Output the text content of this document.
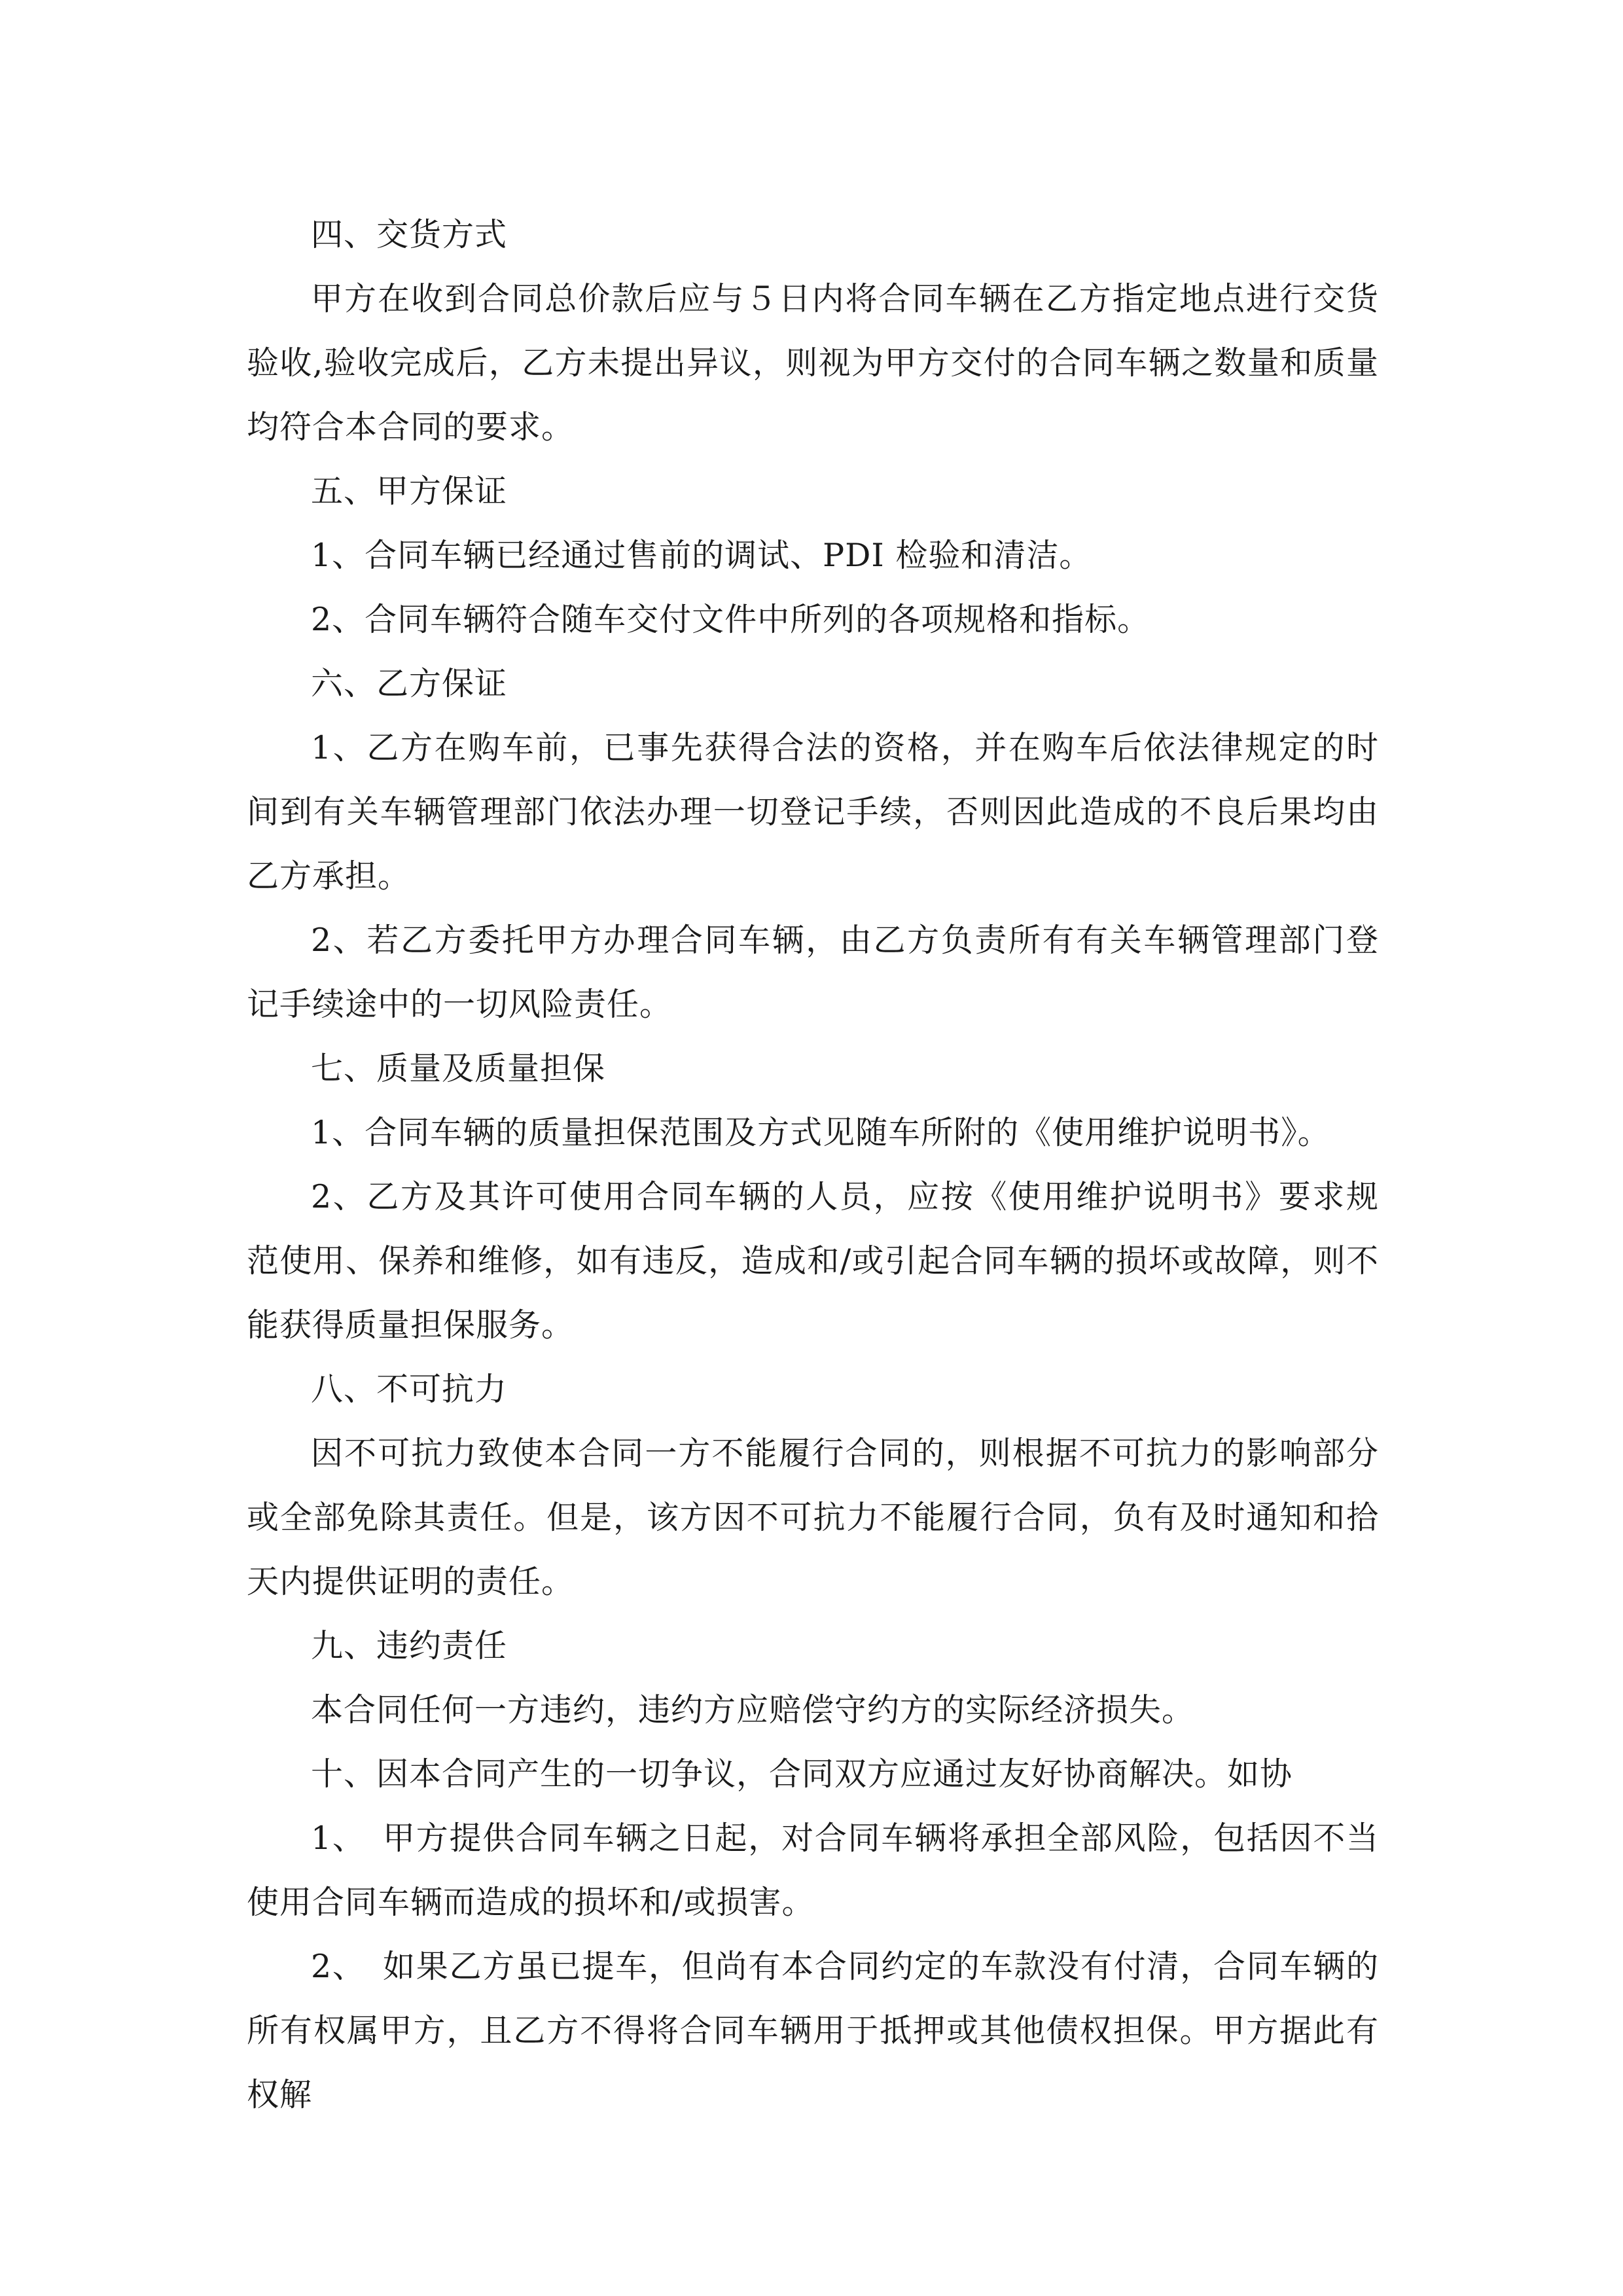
四、交货方式

甲方在收到合同总价款后应与５日内将合同车辆在乙方指定地点进行交货验收,验收完成后，乙方未提出异议，则视为甲方交付的合同车辆之数量和质量均符合本合同的要求。

五、甲方保证

1、合同车辆已经通过售前的调试、PDI 检验和清洁。

2、合同车辆符合随车交付文件中所列的各项规格和指标。

六、乙方保证

1、乙方在购车前，已事先获得合法的资格，并在购车后依法律规定的时间到有关车辆管理部门依法办理一切登记手续，否则因此造成的不良后果均由乙方承担。

2、若乙方委托甲方办理合同车辆，由乙方负责所有有关车辆管理部门登记手续途中的一切风险责任。

七、质量及质量担保

1、合同车辆的质量担保范围及方式见随车所附的《使用维护说明书》。

2、乙方及其许可使用合同车辆的人员，应按《使用维护说明书》要求规范使用、保养和维修，如有违反，造成和/或引起合同车辆的损坏或故障，则不能获得质量担保服务。

八、不可抗力

因不可抗力致使本合同一方不能履行合同的，则根据不可抗力的影响部分或全部免除其责任。但是，该方因不可抗力不能履行合同，负有及时通知和拾天内提供证明的责任。

九、违约责任

本合同任何一方违约，违约方应赔偿守约方的实际经济损失。

十、因本合同产生的一切争议，合同双方应通过友好协商解决。如协

1、　甲方提供合同车辆之日起，对合同车辆将承担全部风险，包括因不当使用合同车辆而造成的损坏和/或损害。

2、　如果乙方虽已提车，但尚有本合同约定的车款没有付清，合同车辆的所有权属甲方，且乙方不得将合同车辆用于抵押或其他债权担保。甲方据此有权解
